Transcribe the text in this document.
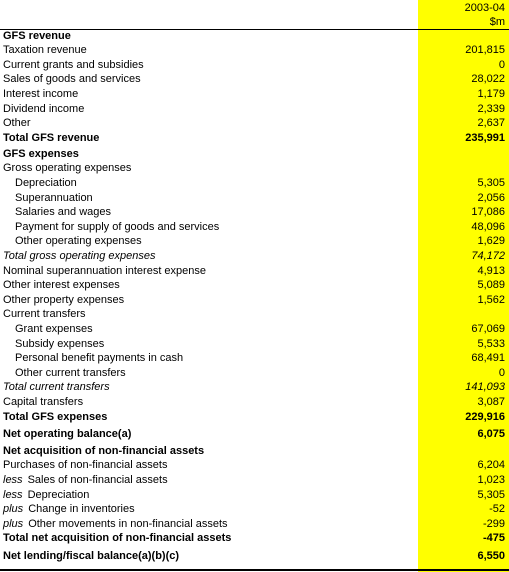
2003-04
$m
GFS revenue
Taxation revenue	201,815
Current grants and subsidies	0
Sales of goods and services	28,022
Interest income	1,179
Dividend income	2,339
Other	2,637
Total GFS revenue	235,991
GFS expenses
Gross operating expenses
Depreciation	5,305
Superannuation	2,056
Salaries and wages	17,086
Payment for supply of goods and services	48,096
Other operating expenses	1,629
Total gross operating expenses	74,172
Nominal superannuation interest expense	4,913
Other interest expenses	5,089
Other property expenses	1,562
Current transfers
Grant expenses	67,069
Subsidy expenses	5,533
Personal benefit payments in cash	68,491
Other current transfers	0
Total current transfers	141,093
Capital transfers	3,087
Total GFS expenses	229,916
Net operating balance(a)	6,075
Net acquisition of non-financial assets
Purchases of non-financial assets	6,204
less Sales of non-financial assets	1,023
less Depreciation	5,305
plus Change in inventories	-52
plus Other movements in non-financial assets	-299
Total net acquisition of non-financial assets	-475
Net lending/fiscal balance(a)(b)(c)	6,550
